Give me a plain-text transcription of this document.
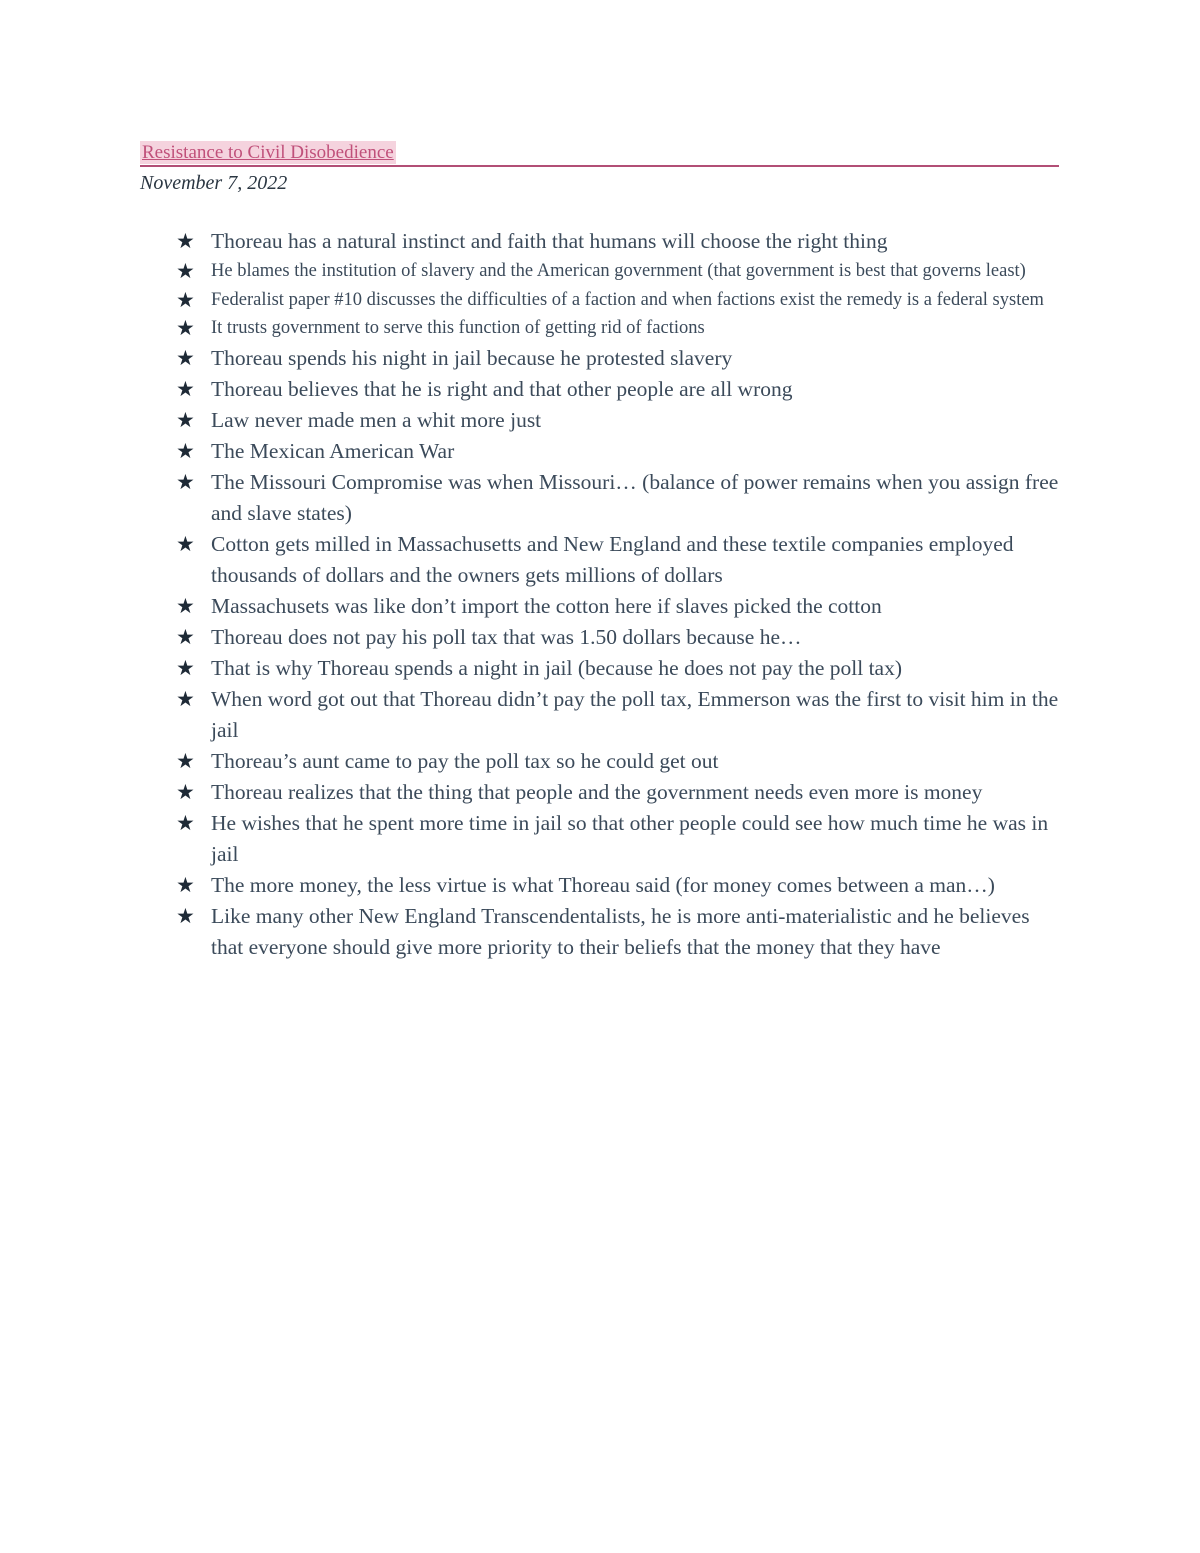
Resistance to Civil Disobedience
November 7, 2022
★ Thoreau has a natural instinct and faith that humans will choose the right thing
★ He blames the institution of slavery and the American government (that government is best that governs least)
★ Federalist paper #10 discusses the difficulties of a faction and when factions exist the remedy is a federal system
★ It trusts government to serve this function of getting rid of factions
★ Thoreau spends his night in jail because he protested slavery
★ Thoreau believes that he is right and that other people are all wrong
★ Law never made men a whit more just
★ The Mexican American War
★ The Missouri Compromise was when Missouri… (balance of power remains when you assign free and slave states)
★ Cotton gets milled in Massachusetts and New England and these textile companies employed thousands of dollars and the owners gets millions of dollars
★ Massachusets was like don’t import the cotton here if slaves picked the cotton
★ Thoreau does not pay his poll tax that was 1.50 dollars because he…
★ That is why Thoreau spends a night in jail (because he does not pay the poll tax)
★ When word got out that Thoreau didn’t pay the poll tax, Emmerson was the first to visit him in the jail
★ Thoreau’s aunt came to pay the poll tax so he could get out
★ Thoreau realizes that the thing that people and the government needs even more is money
★ He wishes that he spent more time in jail so that other people could see how much time he was in jail
★ The more money, the less virtue is what Thoreau said (for money comes between a man…)
★ Like many other New England Transcendentalists, he is more anti-materialistic and he believes that everyone should give more priority to their beliefs that the money that they have
